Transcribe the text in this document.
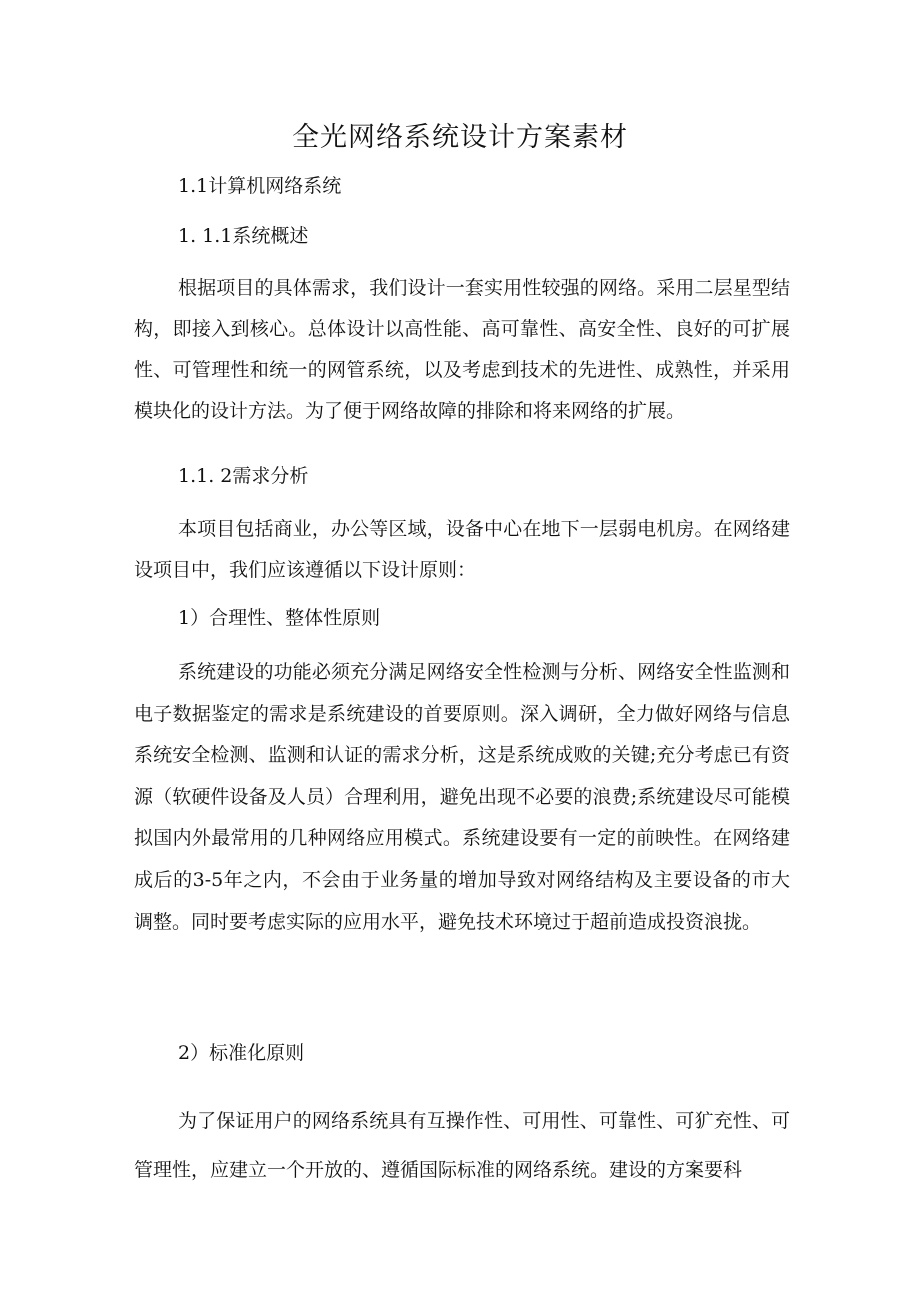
全光网络系统设计方案素材

1.1计算机网络系统

1. 1.1系统概述

根据项目的具体需求，我们设计一套实用性较强的网络。采用二层星型结构，即接入到核心。总体设计以高性能、高可靠性、高安全性、良好的可扩展性、可管理性和统一的网管系统，以及考虑到技术的先进性、成熟性，并采用模块化的设计方法。为了便于网络故障的排除和将来网络的扩展。

1.1. 2需求分析

本项目包括商业，办公等区域，设备中心在地下一层弱电机房。在网络建设项目中，我们应该遵循以下设计原则：

1）合理性、整体性原则

系统建设的功能必须充分满足网络安全性检测与分析、网络安全性监测和电子数据鉴定的需求是系统建设的首要原则。深入调研，全力做好网络与信息系统安全检测、监测和认证的需求分析，这是系统成败的关键;充分考虑已有资源（软硬件设备及人员）合理利用，避免出现不必要的浪费;系统建设尽可能模拟国内外最常用的几种网络应用模式。系统建设要有一定的前映性。在网络建成后的3-5年之内，不会由于业务量的增加导致对网络结构及主要设备的市大调整。同时要考虑实际的应用水平，避免技术环境过于超前造成投资浪拢。

2）标准化原则

为了保证用户的网络系统具有互操作性、可用性、可靠性、可犷充性、可管理性，应建立一个开放的、遵循国际标准的网络系统。建设的方案要科
